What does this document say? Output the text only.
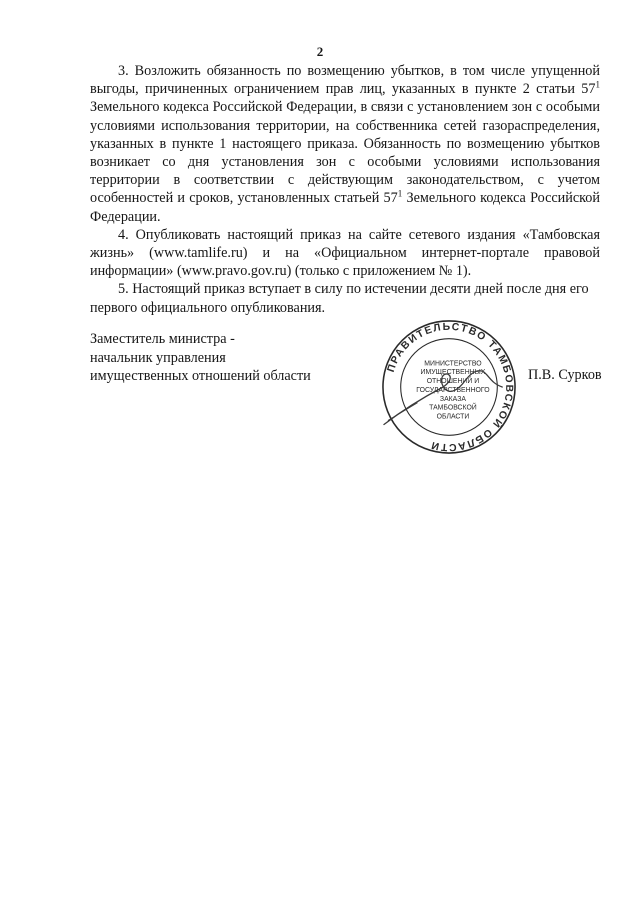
2

3. Возложить обязанность по возмещению убытков, в том числе упущенной выгоды, причиненных ограничением прав лиц, указанных в пункте 2 статьи $57^1$ Земельного кодекса Российской Федерации, в связи с установлением зон с особыми условиями использования территории, на собственника сетей газораспределения, указанных в пункте 1 настоящего приказа. Обязанность по возмещению убытков возникает со дня установления зон с особыми условиями использования территории в соответствии с действующим законодательством, с учетом особенностей и сроков, установленных статьей $57^1$ Земельного кодекса Российской Федерации.

4. Опубликовать настоящий приказ на сайте сетевого издания «Тамбовская жизнь» (www.tamlife.ru) и на «Официальном интернет-портале правовой информации» (www.pravo.gov.ru) (только с приложением № 1).

5. Настоящий приказ вступает в силу по истечении десяти дней после дня его первого официального опубликования.

Заместитель министра -
начальник управления
имущественных отношений области
ПРАВИТЕЛЬСТВО ТАМБОВСКОЙ ОБЛАСТИ
МИНИСТЕРСТВО
ИМУЩЕСТВЕННЫХ
ОТНОШЕНИЙ И
ГОСУДАРСТВЕННОГО
ЗАКАЗА
ТАМБОВСКОЙ
ОБЛАСТИ
П.В. Сурков
